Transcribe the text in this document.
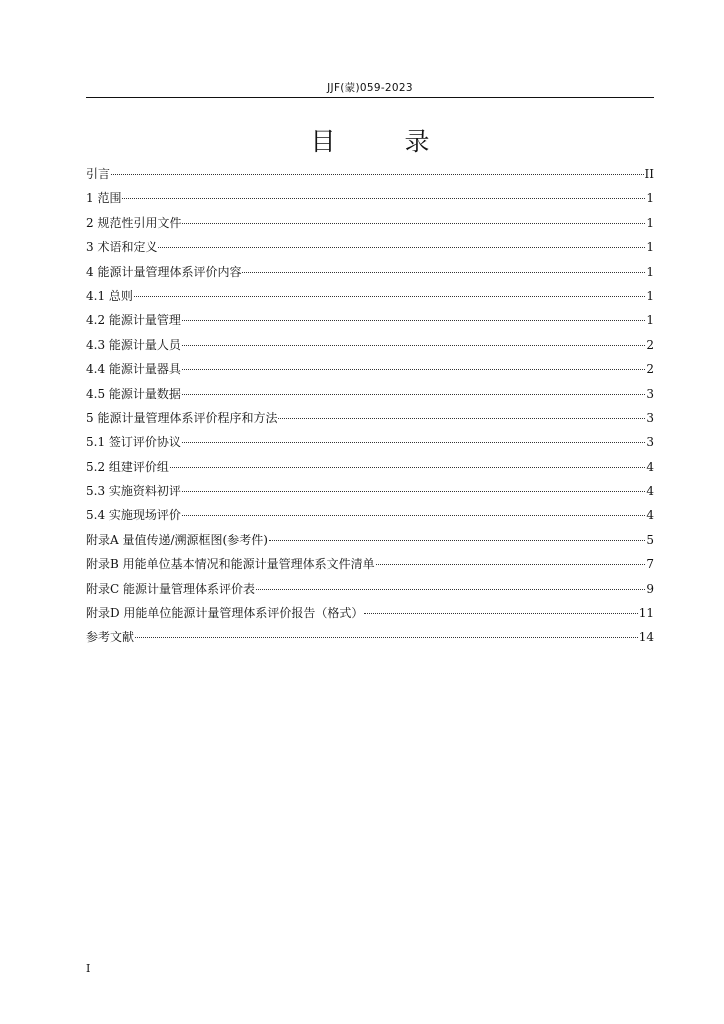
JJF(蒙)059-2023
目　录
引言	II
1 范围	1
2 规范性引用文件	1
3 术语和定义	1
4 能源计量管理体系评价内容	1
4.1 总则	1
4.2 能源计量管理	1
4.3 能源计量人员	2
4.4 能源计量器具	2
4.5 能源计量数据	3
5 能源计量管理体系评价程序和方法	3
5.1 签订评价协议	3
5.2 组建评价组	4
5.3 实施资料初评	4
5.4 实施现场评价	4
附录A 量值传递/溯源框图(参考件)	5
附录B 用能单位基本情况和能源计量管理体系文件清单	7
附录C 能源计量管理体系评价表	9
附录D 用能单位能源计量管理体系评价报告（格式）	11
参考文献	14
I
